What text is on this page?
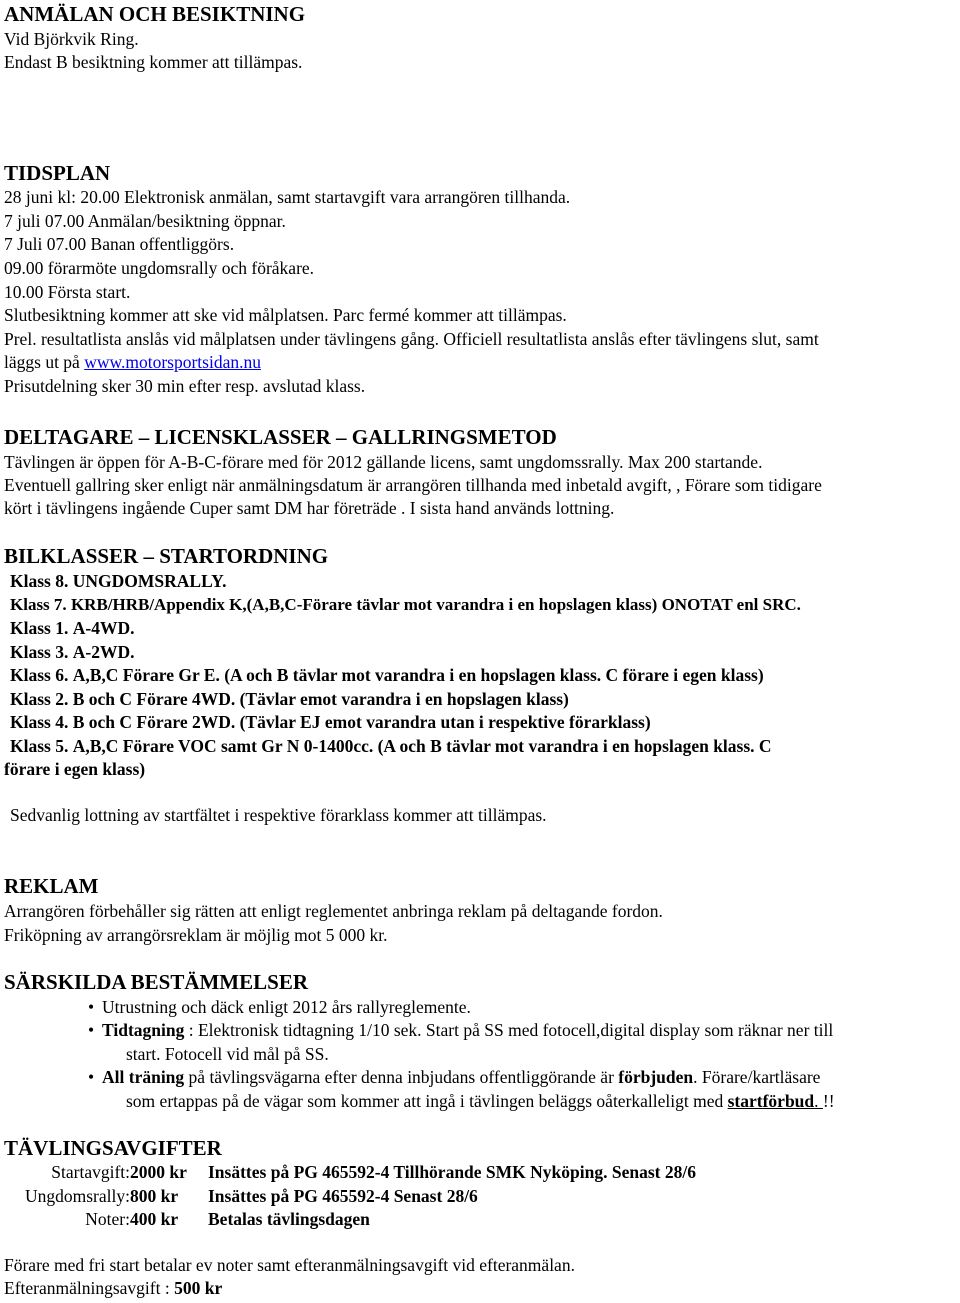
ANMÄLAN OCH BESIKTNING
Vid Björkvik Ring.
Endast B besiktning kommer att tillämpas.
TIDSPLAN
28 juni kl: 20.00 Elektronisk anmälan, samt startavgift vara arrangören tillhanda.
7 juli 07.00 Anmälan/besiktning öppnar.
7 Juli 07.00 Banan offentliggörs.
09.00 förarmöte ungdomsrally och föråkare.
10.00 Första start.
Slutbesiktning kommer att ske vid målplatsen. Parc fermé kommer att tillämpas.
Prel. resultatlista anslås vid målplatsen under tävlingens gång. Officiell resultatlista anslås efter tävlingens slut, samt
läggs ut på www.motorsportsidan.nu
Prisutdelning sker 30 min efter resp. avslutad klass.
DELTAGARE – LICENSKLASSER – GALLRINGSMETOD
Tävlingen är öppen för A-B-C-förare med för 2012 gällande licens, samt ungdomssrally. Max 200 startande.
Eventuell gallring sker enligt när anmälningsdatum är arrangören tillhanda med inbetald avgift, , Förare som tidigare
kört i tävlingens ingående Cuper samt DM har företräde . I sista hand används lottning.
BILKLASSER – STARTORDNING
Klass 8. UNGDOMSRALLY.
Klass 7. KRB/HRB/Appendix K,(A,B,C-Förare tävlar mot varandra i en hopslagen klass) ONOTAT enl SRC.
Klass 1. A-4WD.
Klass 3. A-2WD.
Klass 6. A,B,C Förare Gr E. (A och B tävlar mot varandra i en hopslagen klass. C förare i egen klass)
Klass 2. B och C Förare 4WD. (Tävlar emot varandra i en hopslagen klass)
Klass 4. B och C Förare 2WD. (Tävlar EJ emot varandra utan i respektive förarklass)
Klass 5. A,B,C Förare VOC samt Gr N 0-1400cc. (A och B tävlar mot varandra i en hopslagen klass. C
förare i egen klass)
Sedvanlig lottning av startfältet i respektive förarklass kommer att tillämpas.
REKLAM
Arrangören förbehåller sig rätten att enligt reglementet anbringa reklam på deltagande fordon.
Friköpning av arrangörsreklam är möjlig mot 5 000 kr.
SÄRSKILDA BESTÄMMELSER
• Utrustning och däck enligt 2012 års rallyreglemente.
• Tidtagning : Elektronisk tidtagning 1/10 sek. Start på SS med fotocell,digital display som räknar ner till
start. Fotocell vid mål på SS.
• All träning på tävlingsvägarna efter denna inbjudans offentliggörande är förbjuden. Förare/kartläsare
som ertappas på de vägar som kommer att ingå i tävlingen beläggs oåterkalleligt med startförbud. !!
TÄVLINGSAVGIFTER
Startavgift: 2000 kr Insättes på PG 465592-4 Tillhörande SMK Nyköping. Senast 28/6
Ungdomsrally: 800 kr Insättes på PG 465592-4 Senast 28/6
Noter: 400 kr Betalas tävlingsdagen
Förare med fri start betalar ev noter samt efteranmälningsavgift vid efteranmälan.
Efteranmälningsavgift : 500 kr
